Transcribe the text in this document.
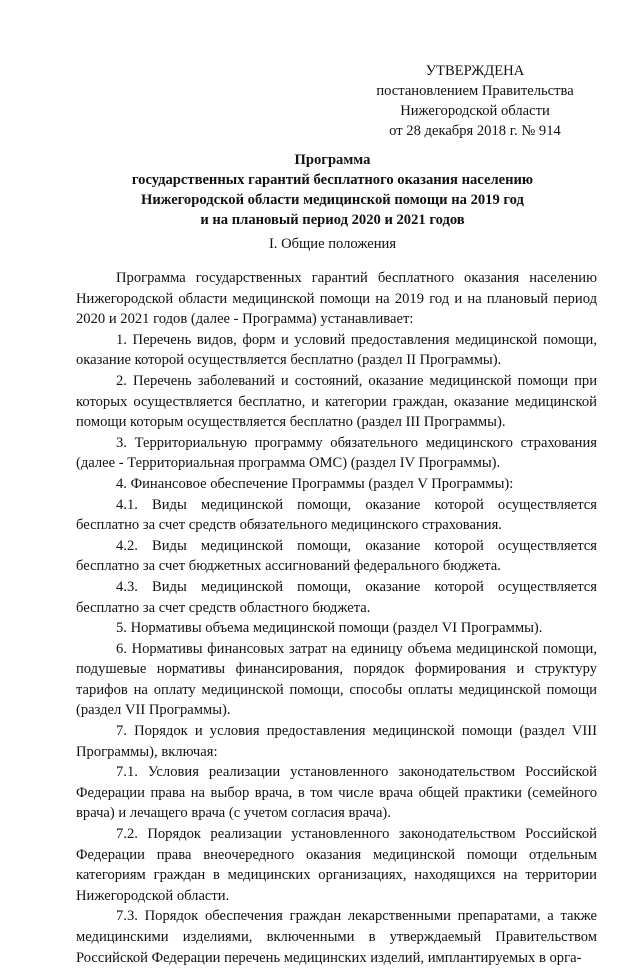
УТВЕРЖДЕНА
постановлением Правительства
Нижегородской области
от 28 декабря 2018 г. № 914
Программа
государственных гарантий бесплатного оказания населению
Нижегородской области медицинской помощи на 2019 год
и на плановый период 2020 и 2021 годов
I. Общие положения

Программа государственных гарантий бесплатного оказания населению Нижегородской области медицинской помощи на 2019 год и на плановый период 2020 и 2021 годов (далее - Программа) устанавливает:

1. Перечень видов, форм и условий предоставления медицинской помощи, оказание которой осуществляется бесплатно (раздел II Программы).

2. Перечень заболеваний и состояний, оказание медицинской помощи при которых осуществляется бесплатно, и категории граждан, оказание медицинской помощи которым осуществляется бесплатно (раздел III Программы).

3. Территориальную программу обязательного медицинского страхования (далее - Территориальная программа ОМС) (раздел IV Программы).

4. Финансовое обеспечение Программы (раздел V Программы):

4.1. Виды медицинской помощи, оказание которой осуществляется бесплатно за счет средств обязательного медицинского страхования.

4.2. Виды медицинской помощи, оказание которой осуществляется бесплатно за счет бюджетных ассигнований федерального бюджета.

4.3. Виды медицинской помощи, оказание которой осуществляется бесплатно за счет средств областного бюджета.

5. Нормативы объема медицинской помощи (раздел VI Программы).

6. Нормативы финансовых затрат на единицу объема медицинской помощи, подушевые нормативы финансирования, порядок формирования и структуру тарифов на оплату медицинской помощи, способы оплаты медицинской помощи (раздел VII Программы).

7. Порядок и условия предоставления медицинской помощи (раздел VIII Программы), включая:

7.1. Условия реализации установленного законодательством Российской Федерации права на выбор врача, в том числе врача общей практики (семейного врача) и лечащего врача (с учетом согласия врача).

7.2. Порядок реализации установленного законодательством Российской Федерации права внеочередного оказания медицинской помощи отдельным категориям граждан в медицинских организациях, находящихся на территории Нижегородской области.

7.3. Порядок обеспечения граждан лекарственными препаратами, а также медицинскими изделиями, включенными в утверждаемый Правительством Российской Федерации перечень медицинских изделий, имплантируемых в орга-
